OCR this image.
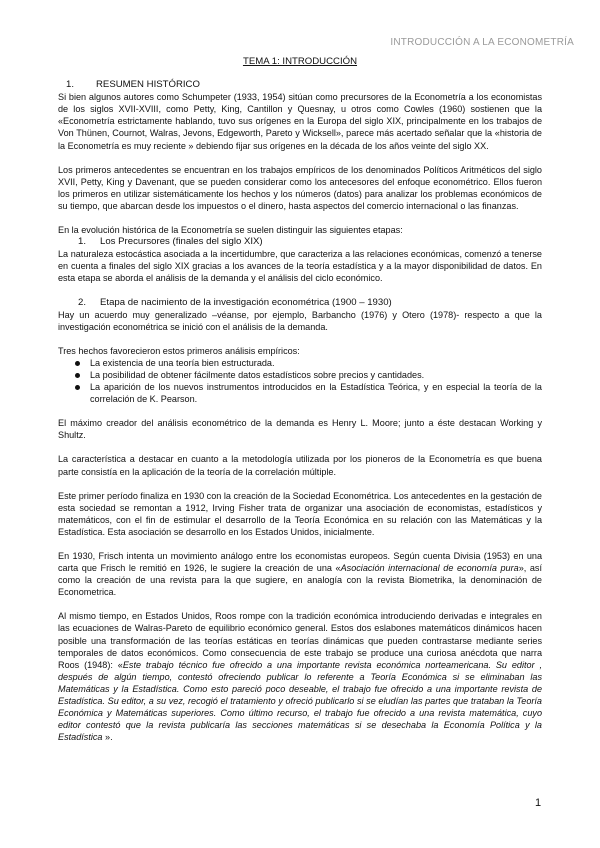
INTRODUCCIÓN A LA ECONOMETRÍA
TEMA 1: INTRODUCCIÓN
1. RESUMEN HISTÓRICO

Si bien algunos autores como Schumpeter (1933, 1954) sitúan como precursores de la Econometría a los economistas de los siglos XVII-XVIII, como Petty, King, Cantillon y Quesnay, u otros como Cowles (1960) sostienen que la «Econometría estrictamente hablando, tuvo sus orígenes en la Europa del siglo XIX, principalmente en los trabajos de Von Thünen, Cournot, Walras, Jevons, Edgeworth, Pareto y Wicksell», parece más acertado señalar que la «historia de la Econometría es muy reciente » debiendo fijar sus orígenes en la década de los años veinte del siglo XX.

Los primeros antecedentes se encuentran en los trabajos empíricos de los denominados Políticos Aritméticos del siglo XVII, Petty, King y Davenant, que se pueden considerar como los antecesores del enfoque econométrico. Ellos fueron los primeros en utilizar sistemáticamente los hechos y los números (datos) para analizar los problemas económicos de su tiempo, que abarcan desde los impuestos o el dinero, hasta aspectos del comercio internacional o las finanzas.

En la evolución histórica de la Econometría se suelen distinguir las siguientes etapas:

1. Los Precursores (finales del siglo XIX)

La naturaleza estocástica asociada a la incertidumbre, que caracteriza a las relaciones económicas, comenzó a tenerse en cuenta a finales del siglo XIX gracias a los avances de la teoría estadística y a la mayor disponibilidad de datos. En esta etapa se aborda el análisis de la demanda y el análisis del ciclo económico.

2. Etapa de nacimiento de la investigación econométrica (1900 – 1930)

Hay un acuerdo muy generalizado –véanse, por ejemplo, Barbancho (1976) y Otero (1978)- respecto a que la investigación econométrica se inició con el análisis de la demanda.

Tres hechos favorecieron estos primeros análisis empíricos:

La existencia de una teoría bien estructurada.
La posibilidad de obtener fácilmente datos estadísticos sobre precios y cantidades.
La aparición de los nuevos instrumentos introducidos en la Estadística Teórica, y en especial la teoría de la correlación de K. Pearson.

El máximo creador del análisis econométrico de la demanda es Henry L. Moore; junto a éste destacan Working y Shultz.

La característica a destacar en cuanto a la metodología utilizada por los pioneros de la Econometría es que buena parte consistía en la aplicación de la teoría de la correlación múltiple.

Este primer período finaliza en 1930 con la creación de la Sociedad Econométrica. Los antecedentes en la gestación de esta sociedad se remontan a 1912, Irving Fisher trata de organizar una asociación de economistas, estadísticos y matemáticos, con el fin de estimular el desarrollo de la Teoría Económica en su relación con las Matemáticas y la Estadística. Esta asociación se desarrollo en los Estados Unidos, inicialmente.

En 1930, Frisch intenta un movimiento análogo entre los economistas europeos. Según cuenta Divisia (1953) en una carta que Frisch le remitió en 1926, le sugiere la creación de una «Asociación internacional de economía pura», así como la creación de una revista para la que sugiere, en analogía con la revista Biometrika, la denominación de Econometrica.

Al mismo tiempo, en Estados Unidos, Roos rompe con la tradición económica introduciendo derivadas e integrales en las ecuaciones de Walras-Pareto de equilibrio económico general. Estos dos eslabones matemáticos dinámicos hacen posible una transformación de las teorías estáticas en teorías dinámicas que pueden contrastarse mediante series temporales de datos económicos. Como consecuencia de este trabajo se produce una curiosa anécdota que narra Roos (1948): «Este trabajo técnico fue ofrecido a una importante revista económica norteamericana. Su editor , después de algún tiempo, contestó ofreciendo publicar lo referente a Teoría Económica si se eliminaban las Matemáticas y la Estadística. Como esto pareció poco deseable, el trabajo fue ofrecido a una importante revista de Estadística. Su editor, a su vez, recogió el tratamiento y ofreció publicarlo si se eludían las partes que trataban la Teoría Económica y Matemáticas superiores. Como último recurso, el trabajo fue ofrecido a una revista matemática, cuyo editor contestó que la revista publicaría las secciones matemáticas si se desechaba la Economía Política y la Estadística ».

1
